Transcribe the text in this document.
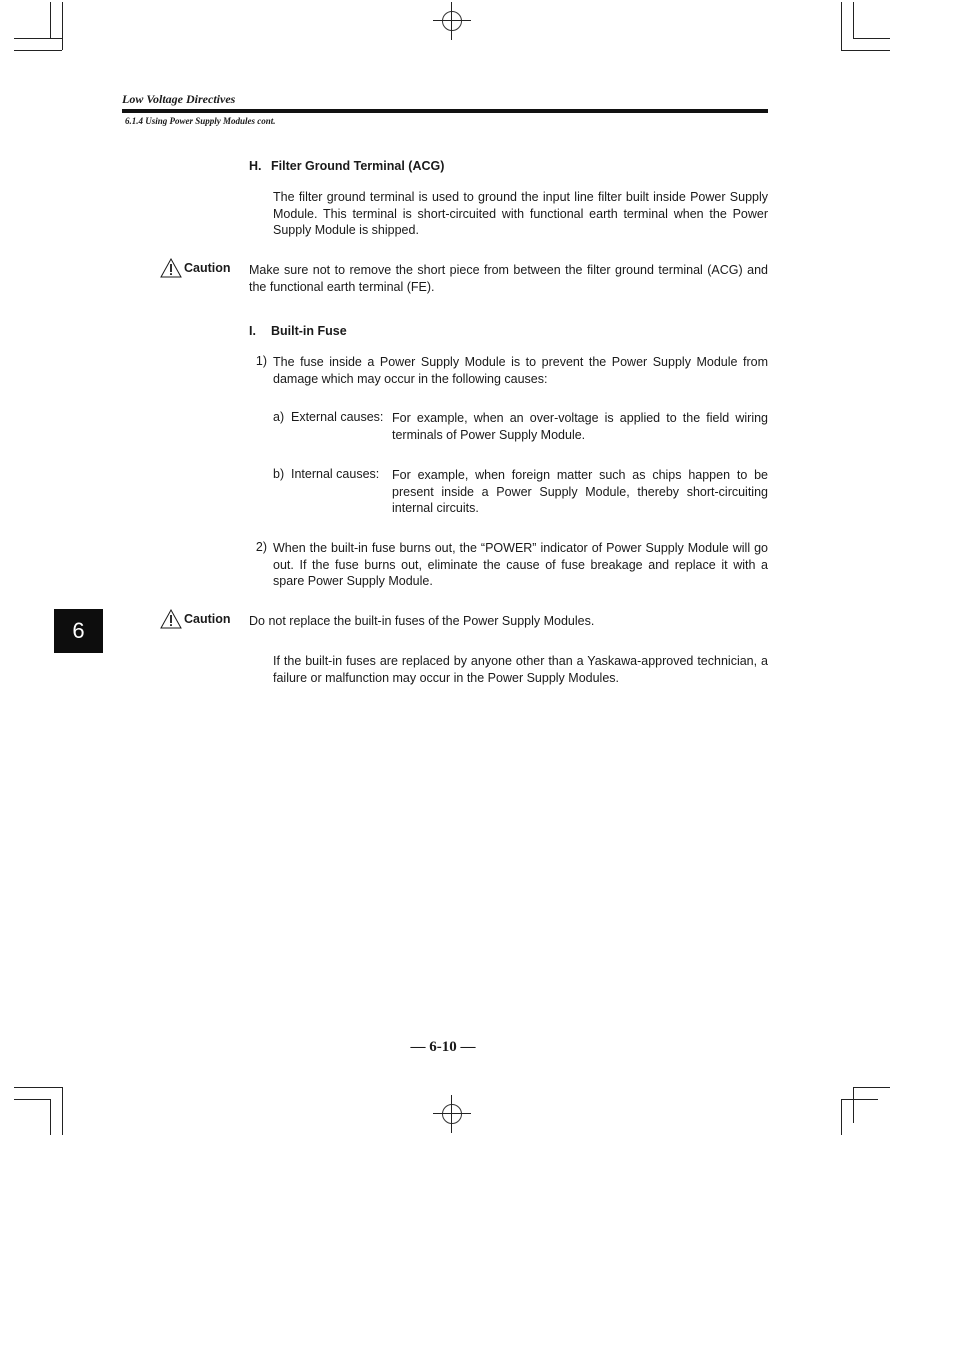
Low Voltage Directives
6.1.4 Using Power Supply Modules cont.
H. Filter Ground Terminal (ACG)
The filter ground terminal is used to ground the input line filter built inside Power Supply Module. This terminal is short-circuited with functional earth terminal when the Power Supply Module is shipped.
Caution Make sure not to remove the short piece from between the filter ground terminal (ACG) and the functional earth terminal (FE).
I. Built-in Fuse
1) The fuse inside a Power Supply Module is to prevent the Power Supply Module from damage which may occur in the following causes:
a) External causes: For example, when an over-voltage is applied to the field wiring terminals of Power Supply Module.
b) Internal causes: For example, when foreign matter such as chips happen to be present inside a Power Supply Module, thereby short-circuiting internal circuits.
2) When the built-in fuse burns out, the “POWER” indicator of Power Supply Module will go out. If the fuse burns out, eliminate the cause of fuse breakage and replace it with a spare Power Supply Module.
Caution Do not replace the built-in fuses of the Power Supply Modules.
If the built-in fuses are replaced by anyone other than a Yaskawa-approved technician, a failure or malfunction may occur in the Power Supply Modules.
6
— 6-10 —
